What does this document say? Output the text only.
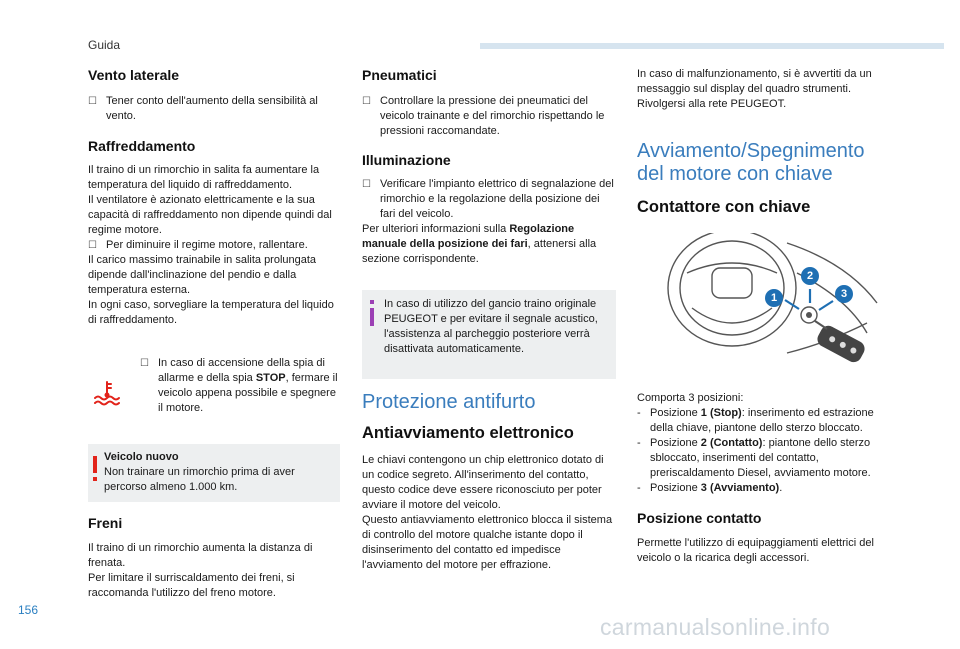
Guida
Vento laterale
☐ Tener conto dell'aumento della sensibilità al vento.
Raffreddamento

Il traino di un rimorchio in salita fa aumentare la temperatura del liquido di raffreddamento.

Il ventilatore è azionato elettricamente e la sua capacità di raffreddamento non dipende quindi dal regime motore.

☐ Per diminuire il regime motore, rallentare.

Il carico massimo trainabile in salita prolungata dipende dall'inclinazione del pendio e dalla temperatura esterna.

In ogni caso, sorvegliare la temperatura del liquido di raffreddamento.

☐ In caso di accensione della spia di allarme e della spia STOP, fermare il veicolo appena possibile e spegnere il motore.
Veicolo nuovo

Non trainare un rimorchio prima di aver percorso almeno 1.000 km.

Freni

Il traino di un rimorchio aumenta la distanza di frenata.

Per limitare il surriscaldamento dei freni, si raccomanda l'utilizzo del freno motore.

Pneumatici
☐ Controllare la pressione dei pneumatici del veicolo trainante e del rimorchio rispettando le pressioni raccomandate.
Illuminazione
☐ Verificare l'impianto elettrico di segnalazione del rimorchio e la regolazione della posizione dei fari del veicolo.

Per ulteriori informazioni sulla Regolazione manuale della posizione dei fari, attenersi alla sezione corrispondente.

In caso di utilizzo del gancio traino originale PEUGEOT e per evitare il segnale acustico, l'assistenza al parcheggio posteriore verrà disattivata automaticamente.

Protezione antifurto
Antiavviamento elettronico

Le chiavi contengono un chip elettronico dotato di un codice segreto. All'inserimento del contatto, questo codice deve essere riconosciuto per poter avviare il motore del veicolo.

Questo antiavviamento elettronico blocca il sistema di controllo del motore qualche istante dopo il disinserimento del contatto ed impedisce l'avviamento del motore per effrazione.

In caso di malfunzionamento, si è avvertiti da un messaggio sul display del quadro strumenti. Rivolgersi alla rete PEUGEOT.

Avviamento/Spegnimento
del motore con chiave
Contattore con chiave
1
2
3

Comporta 3 posizioni:

- Posizione 1 (Stop): inserimento ed estrazione della chiave, piantone dello sterzo bloccato.
- Posizione 2 (Contatto): piantone dello sterzo sbloccato, inserimenti del contatto, preriscaldamento Diesel, avviamento motore.
- Posizione 3 (Avviamento).
Posizione contatto

Permette l'utilizzo di equipaggiamenti elettrici del veicolo o la ricarica degli accessori.

156
carmanualsonline.info
